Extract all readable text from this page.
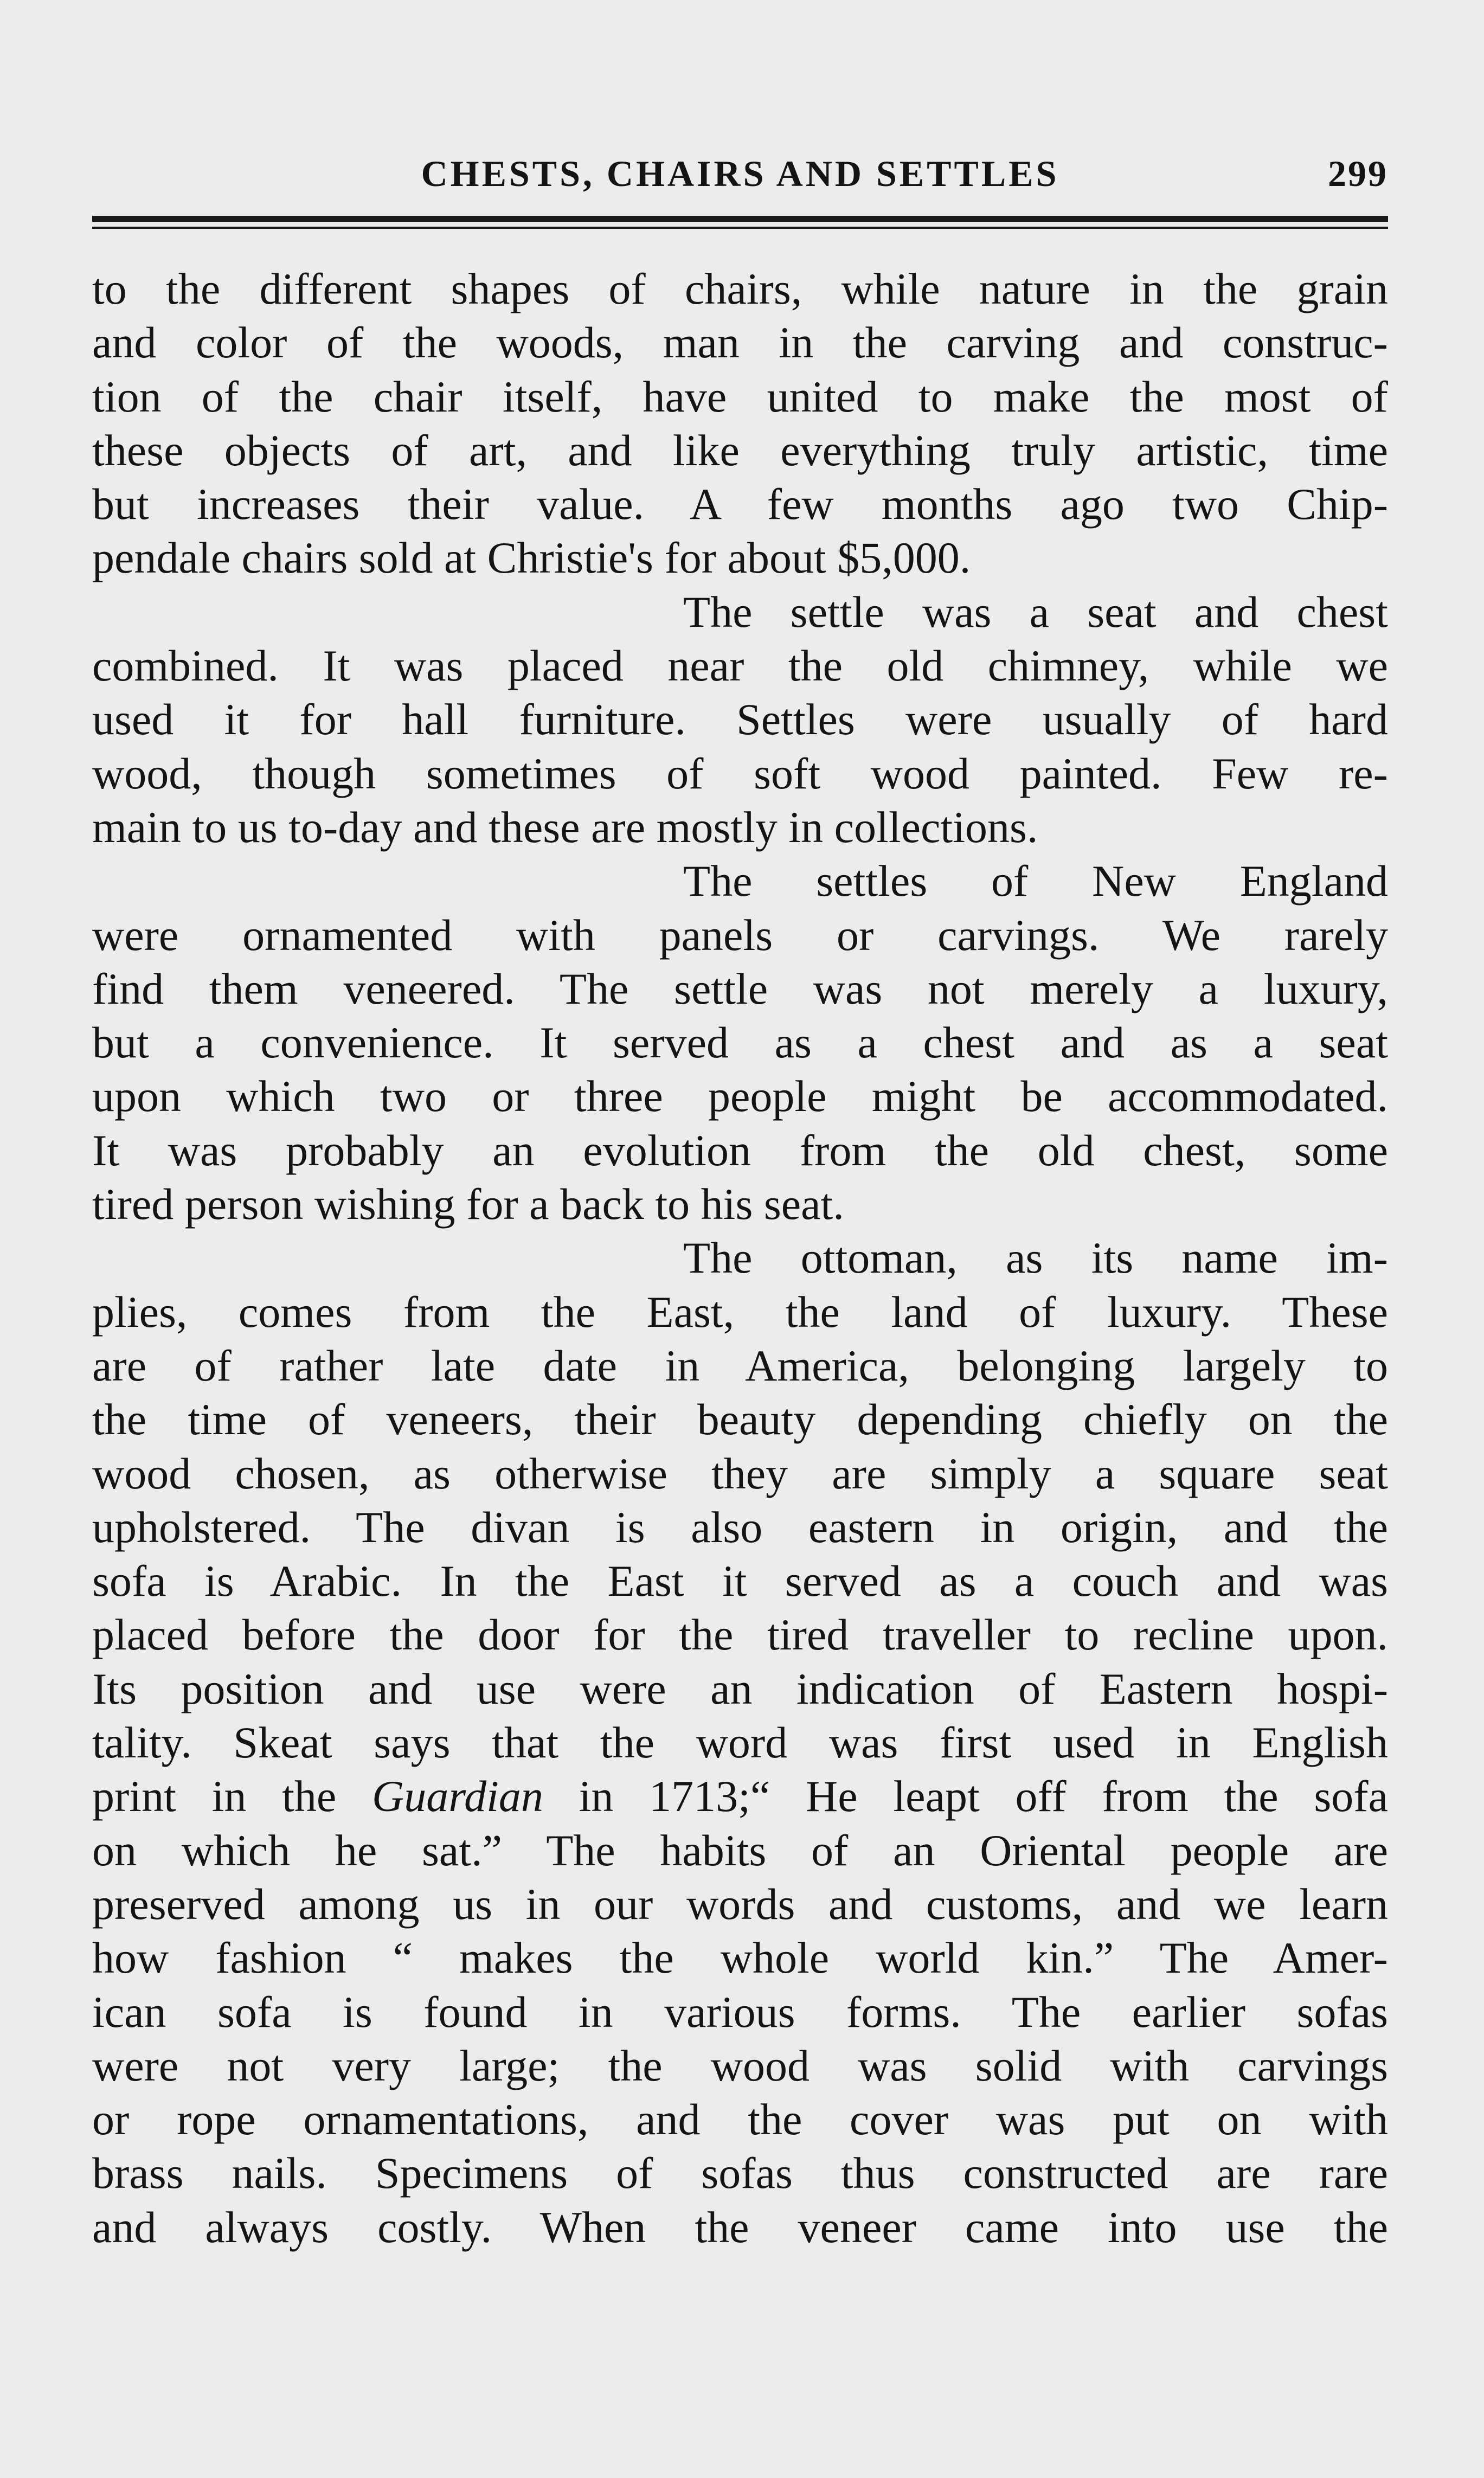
CHESTS, CHAIRS AND SETTLES	299
to the different shapes of chairs, while nature in the grain
and color of the woods, man in the carving and construc-
tion of the chair itself, have united to make the most of
these objects of art, and like everything truly artistic, time
but increases their value. A few months ago two Chip-
pendale chairs sold at Christie's for about $5,000.
The settle was a seat and chest
combined. It was placed near the old chimney, while we
used it for hall furniture. Settles were usually of hard
wood, though sometimes of soft wood painted. Few re-
main to us to-day and these are mostly in collections.
The settles of New England
were ornamented with panels or carvings. We rarely
find them veneered. The settle was not merely a luxury,
but a convenience. It served as a chest and as a seat
upon which two or three people might be accommodated.
It was probably an evolution from the old chest, some
tired person wishing for a back to his seat.
The ottoman, as its name im-
plies, comes from the East, the land of luxury. These
are of rather late date in America, belonging largely to
the time of veneers, their beauty depending chiefly on the
wood chosen, as otherwise they are simply a square seat
upholstered. The divan is also eastern in origin, and the
sofa is Arabic. In the East it served as a couch and was
placed before the door for the tired traveller to recline upon.
Its position and use were an indication of Eastern hospi-
tality. Skeat says that the word was first used in English
print in the Guardian in 1713;“ He leapt off from the sofa
on which he sat.” The habits of an Oriental people are
preserved among us in our words and customs, and we learn
how fashion “ makes the whole world kin.” The Amer-
ican sofa is found in various forms. The earlier sofas
were not very large; the wood was solid with carvings
or rope ornamentations, and the cover was put on with
brass nails. Specimens of sofas thus constructed are rare
and always costly. When the veneer came into use the
